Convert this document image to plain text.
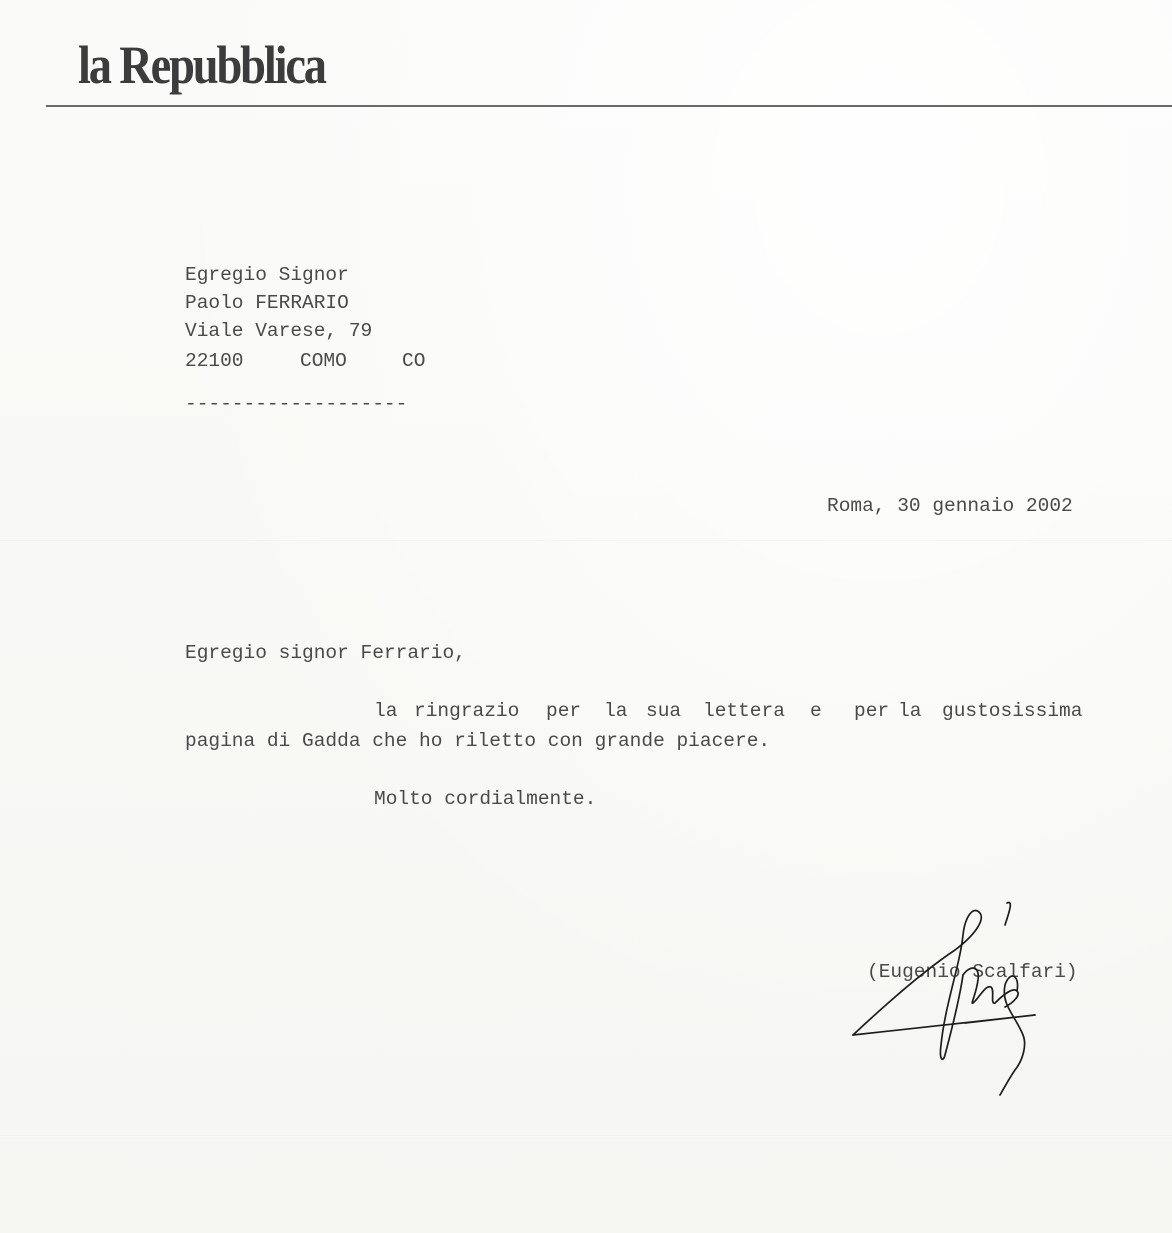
la Repubblica
Egregio Signor
Paolo FERRARIO
Viale Varese, 79
22100	COMO	CO
-------------------
Roma, 30 gennaio 2002
Egregio signor Ferrario,
la ringrazio per la sua lettera e per la gustosissima
pagina di Gadda che ho riletto con grande piacere.
Molto cordialmente.
(Eugenio Scalfari)
